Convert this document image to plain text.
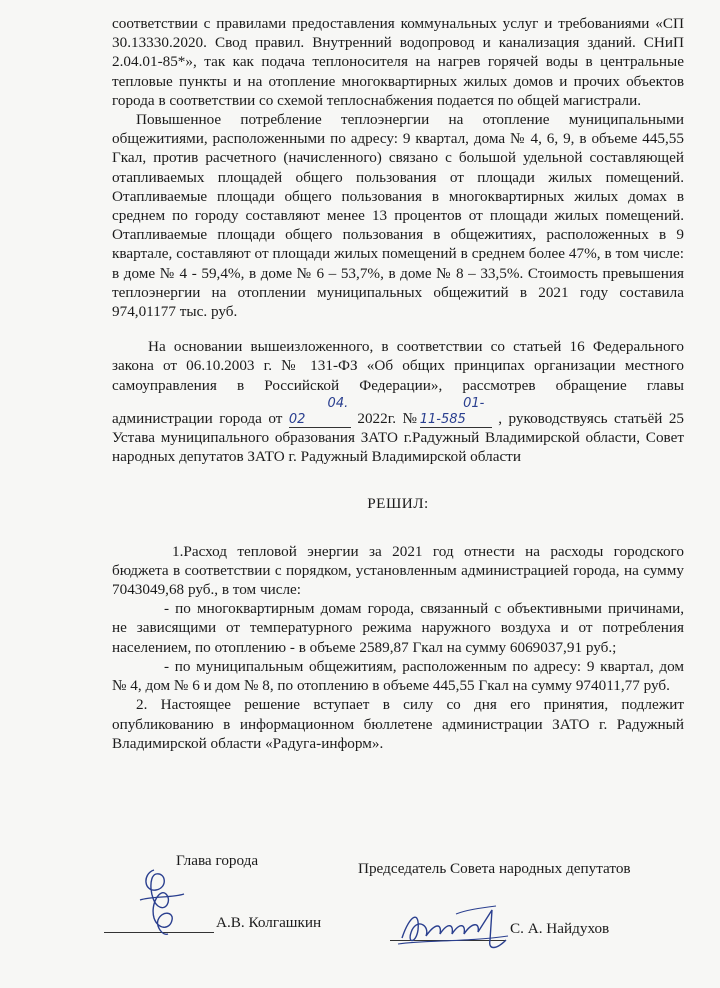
соответствии с правилами предоставления коммунальных услуг и требованиями «СП 30.13330.2020. Свод правил. Внутренний водопровод и канализация зданий. СНиП 2.04.01-85*», так как подача теплоносителя на нагрев горячей воды в центральные тепловые пункты и на отопление многоквартирных жилых домов и прочих объектов города в соответствии со схемой теплоснабжения подается по общей магистрали.

Повышенное потребление теплоэнергии на отопление муниципальными общежитиями, расположенными по адресу: 9 квартал, дома № 4, 6, 9, в объеме 445,55 Гкал, против расчетного (начисленного) связано с большой удельной составляющей отапливаемых площадей общего пользования от площади жилых помещений. Отапливаемые площади общего пользования в многоквартирных жилых домах в среднем по городу составляют менее 13 процентов от площади жилых помещений. Отапливаемые площади общего пользования в общежитиях, расположенных в 9 квартале, составляют от площади жилых помещений в среднем более 47%, в том числе: в доме № 4 - 59,4%, в доме № 6 – 53,7%, в доме № 8 – 33,5%. Стоимость превышения теплоэнергии на отоплении муниципальных общежитий в 2021 году составила 974,01177 тыс. руб.

На основании вышеизложенного, в соответствии со статьей 16 Федерального закона от 06.10.2003 г. № 131-ФЗ «Об общих принципах организации местного самоуправления в Российской Федерации», рассмотрев обращение главы администрации города от 04. 02	2022г. №01-11-585 , руководствуясь статьёй 25 Устава муниципального образования ЗАТО г.Радужный Владимирской области, Совет народных депутатов ЗАТО г. Радужный Владимирской области

РЕШИЛ:

1.Расход тепловой энергии за 2021 год отнести на расходы городского бюджета в соответствии с порядком, установленным администрацией города, на сумму 7043049,68 руб., в том числе:

- по многоквартирным домам города, связанный с объективными причинами, не зависящими от температурного режима наружного воздуха и от потребления населением, по отоплению - в объеме 2589,87 Гкал на сумму 6069037,91 руб.;

- по муниципальным общежитиям, расположенным по адресу: 9 квартал, дом № 4, дом № 6 и дом № 8, по отоплению в объеме 445,55 Гкал на сумму 974011,77 руб.

2. Настоящее решение вступает в силу со дня его принятия, подлежит опубликованию в информационном бюллетене администрации ЗАТО г. Радужный Владимирской области «Радуга-информ».

Глава города
А.В. Колгашкин
Председатель Совета народных депутатов
С. А. Найдухов
